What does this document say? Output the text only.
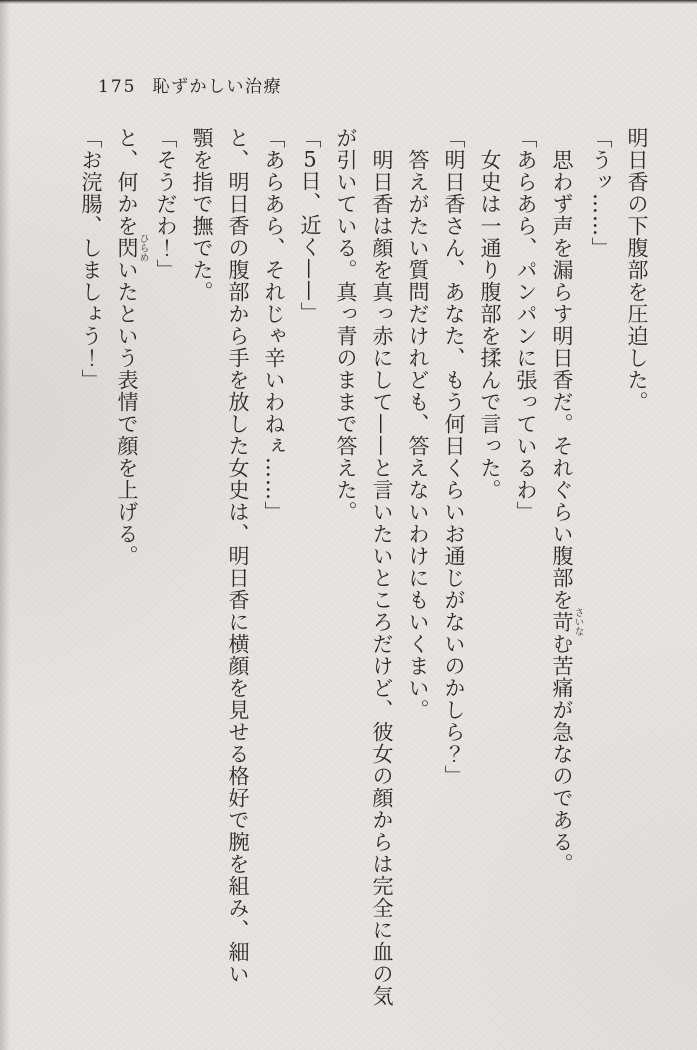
175 恥ずかしい治療

明日香の下腹部を圧迫した。

「うッ……」

　思わず声を漏らす明日香だ。それぐらい腹部を苛さいなむ苦痛が急なのである。

「あらあら、パンパンに張っているわ」

　女史は一通り腹部を揉んで言った。

「明日香さん、あなた、もう何日くらいお通じがないのかしら？」

　答えがたい質問だけれども、答えないわけにもいくまい。

　明日香は顔を真っ赤にして——と言いたいところだけど、彼女の顔からは完全に血の気

が引いている。真っ青のままで答えた。

「5日、近く——」

「あらあら、それじゃ辛いわねぇ……」

と、明日香の腹部から手を放した女史は、明日香に横顔を見せる格好で腕を組み、細い

顎を指で撫でた。

「そうだわ！」

と、何かを閃ひらめいたという表情で顔を上げる。

「お浣腸、しましょう！」
